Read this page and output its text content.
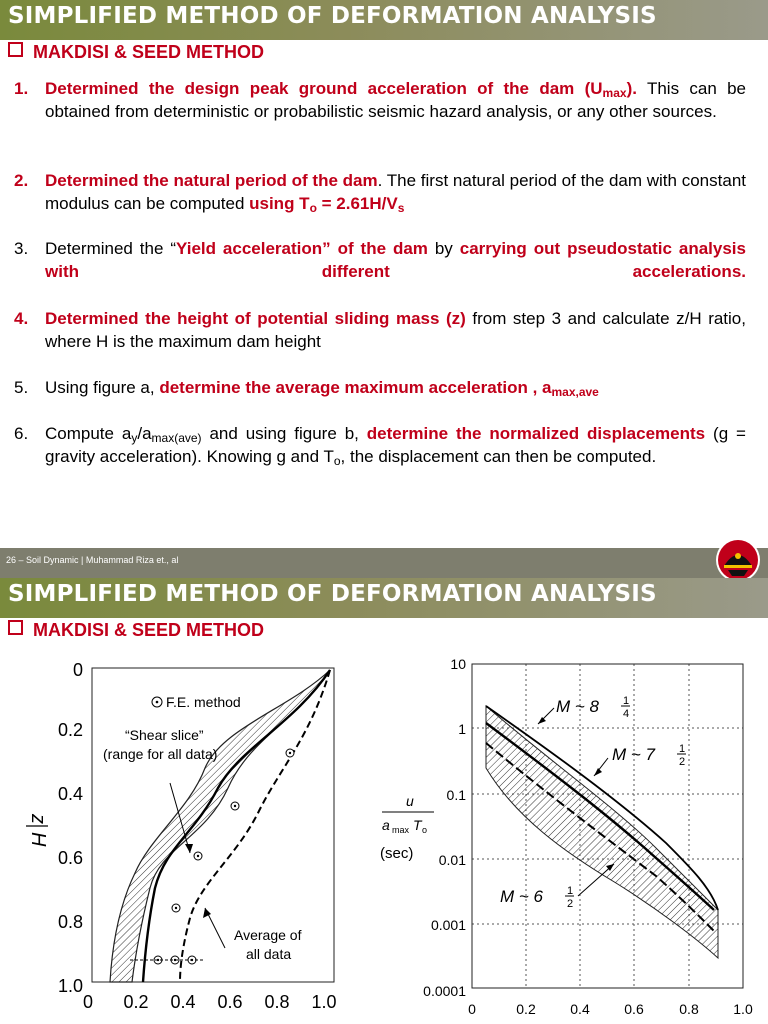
SIMPLIFIED METHOD OF DEFORMATION ANALYSIS
MAKDISI & SEED METHOD
1. Determined the design peak ground acceleration of the dam $(U_{max})$. This can be obtained from deterministic or probabilistic seismic hazard analysis, or any other sources.
2. Determined the natural period of the dam. The first natural period of the dam with constant modulus can be computed using $T_o = 2.61H/V_s$
3. Determined the “Yield acceleration” of the dam by carrying out pseudostatic analysis with different accelerations.
4. Determined the height of potential sliding mass (z) from step 3 and calculate z/H ratio, where H is the maximum dam height
5. Using figure a, determine the average maximum acceleration , $a_{max,ave}$
6. Compute $a_y/a_{max(ave)}$ and using figure b, determine the normalized displacements (g = gravity acceleration). Knowing g and $T_o$, the displacement can then be computed.
26 – Soil Dynamic | Muhammad Riza et., al
SIMPLIFIED METHOD OF DEFORMATION ANALYSIS
MAKDISI & SEED METHOD
F.E. method
“Shear slice”
(range for all data)
Average of
all data
0
0.2
0.4
0.6
0.8
1.0
z
H
0 0.2 0.4 0.6 0.8 1.0
M ~ 8 1
4
M ~ 7 1
2
M ~ 6 1
2
10
1
0.1
0.01
0.001
0.0001
u
a max T o
(sec)
0	0.2 0.4 0.6	0.8 1.0
